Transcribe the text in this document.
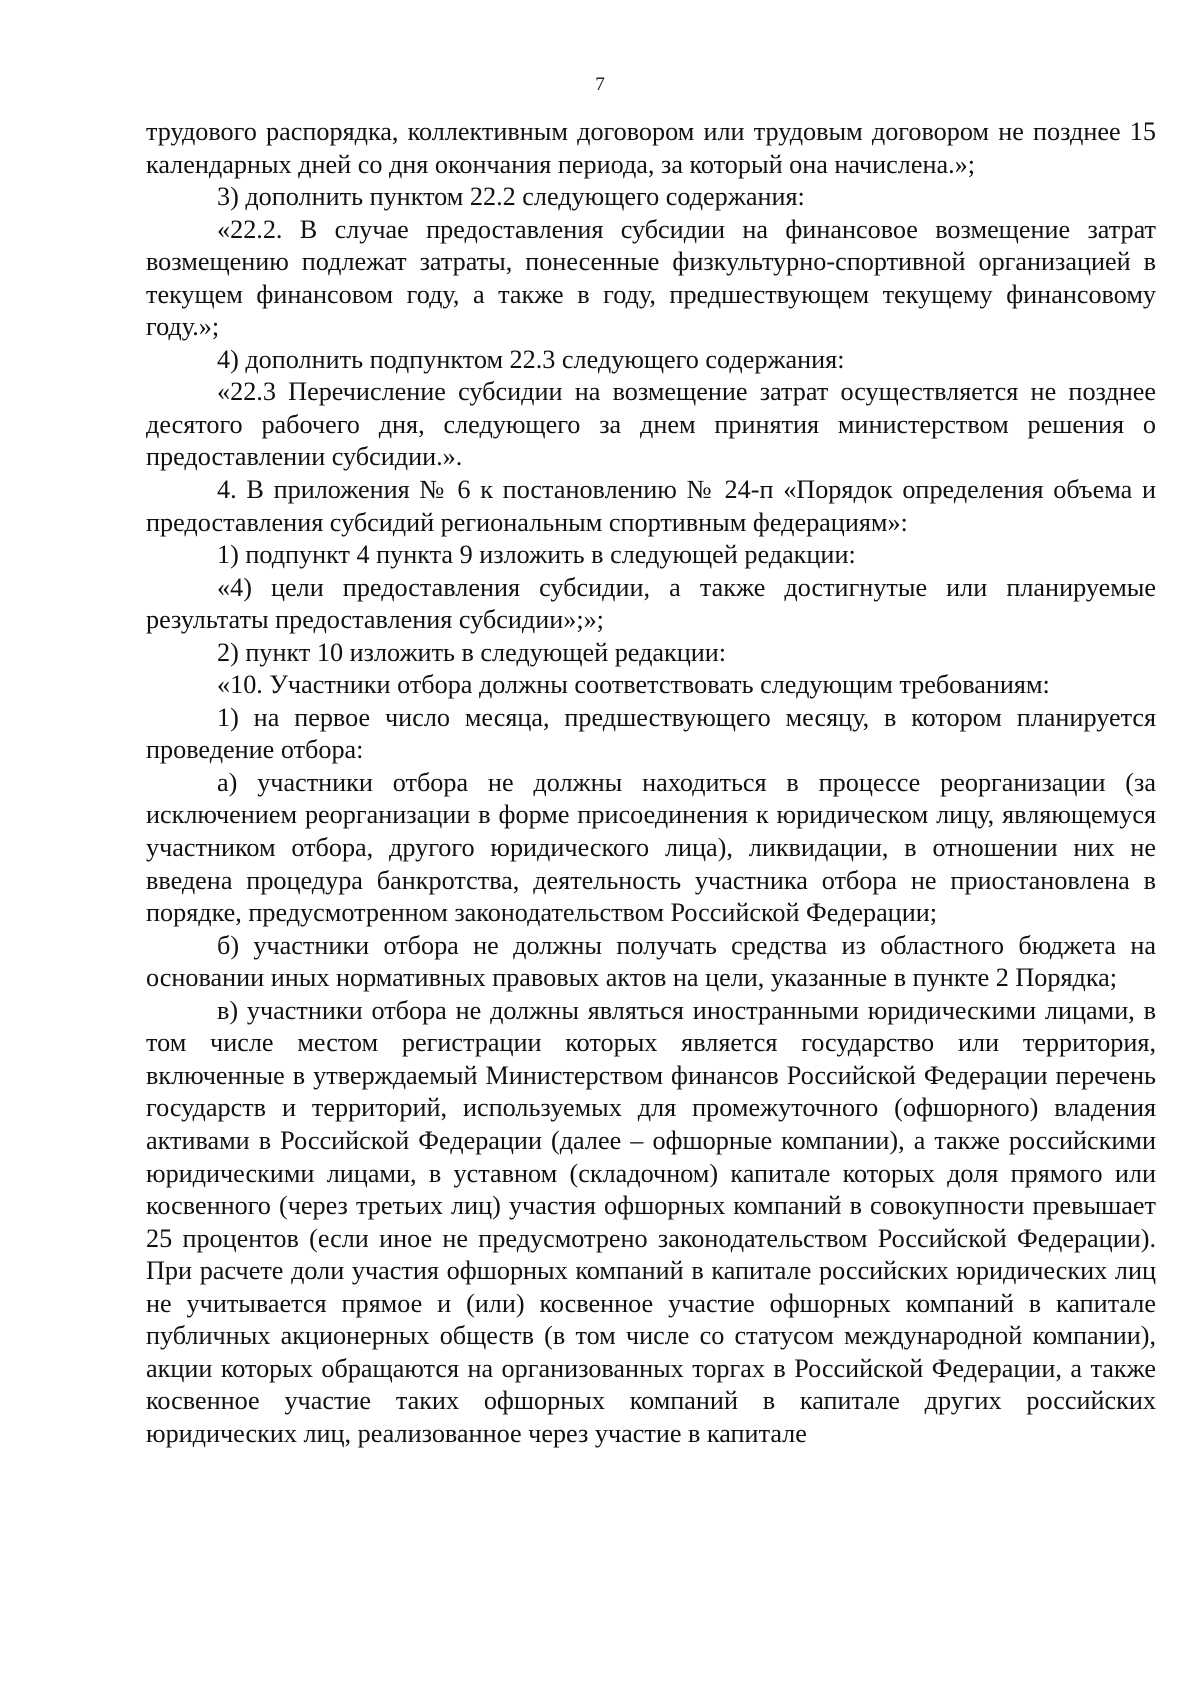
7

трудового распорядка, коллективным договором или трудовым договором не позднее 15 календарных дней со дня окончания периода, за который она начислена.»;

3) дополнить пунктом 22.2 следующего содержания:

«22.2. В случае предоставления субсидии на финансовое возмещение затрат возмещению подлежат затраты, понесенные физкультурно-спортивной организацией в текущем финансовом году, а также в году, предшествующем текущему финансовому году.»;

4) дополнить подпунктом 22.3 следующего содержания:

«22.3 Перечисление субсидии на возмещение затрат осуществляется не позднее десятого рабочего дня, следующего за днем принятия министерством решения о предоставлении субсидии.».

4. В приложения № 6 к постановлению № 24-п «Порядок определения объема и предоставления субсидий региональным спортивным федерациям»:

1) подпункт 4 пункта 9 изложить в следующей редакции:

«4) цели предоставления субсидии, а также достигнутые или планируемые результаты предоставления субсидии»;»;

2) пункт 10 изложить в следующей редакции:

«10. Участники отбора должны соответствовать следующим требованиям:

1) на первое число месяца, предшествующего месяцу, в котором планируется проведение отбора:

а) участники отбора не должны находиться в процессе реорганизации (за исключением реорганизации в форме присоединения к юридическом лицу, являющемуся участником отбора, другого юридического лица), ликвидации, в отношении них не введена процедура банкротства, деятельность участника отбора не приостановлена в порядке, предусмотренном законодательством Российской Федерации;

б) участники отбора не должны получать средства из областного бюджета на основании иных нормативных правовых актов на цели, указанные в пункте 2 Порядка;

в) участники отбора не должны являться иностранными юридическими лицами, в том числе местом регистрации которых является государство или территория, включенные в утверждаемый Министерством финансов Российской Федерации перечень государств и территорий, используемых для промежуточного (офшорного) владения активами в Российской Федерации (далее – офшорные компании), а также российскими юридическими лицами, в уставном (складочном) капитале которых доля прямого или косвенного (через третьих лиц) участия офшорных компаний в совокупности превышает 25 процентов (если иное не предусмотрено законодательством Российской Федерации). При расчете доли участия офшорных компаний в капитале российских юридических лиц не учитывается прямое и (или) косвенное участие офшорных компаний в капитале публичных акционерных обществ (в том числе со статусом международной компании), акции которых обращаются на организованных торгах в Российской Федерации, а также косвенное участие таких офшорных компаний в капитале других российских юридических лиц, реализованное через участие в капитале
